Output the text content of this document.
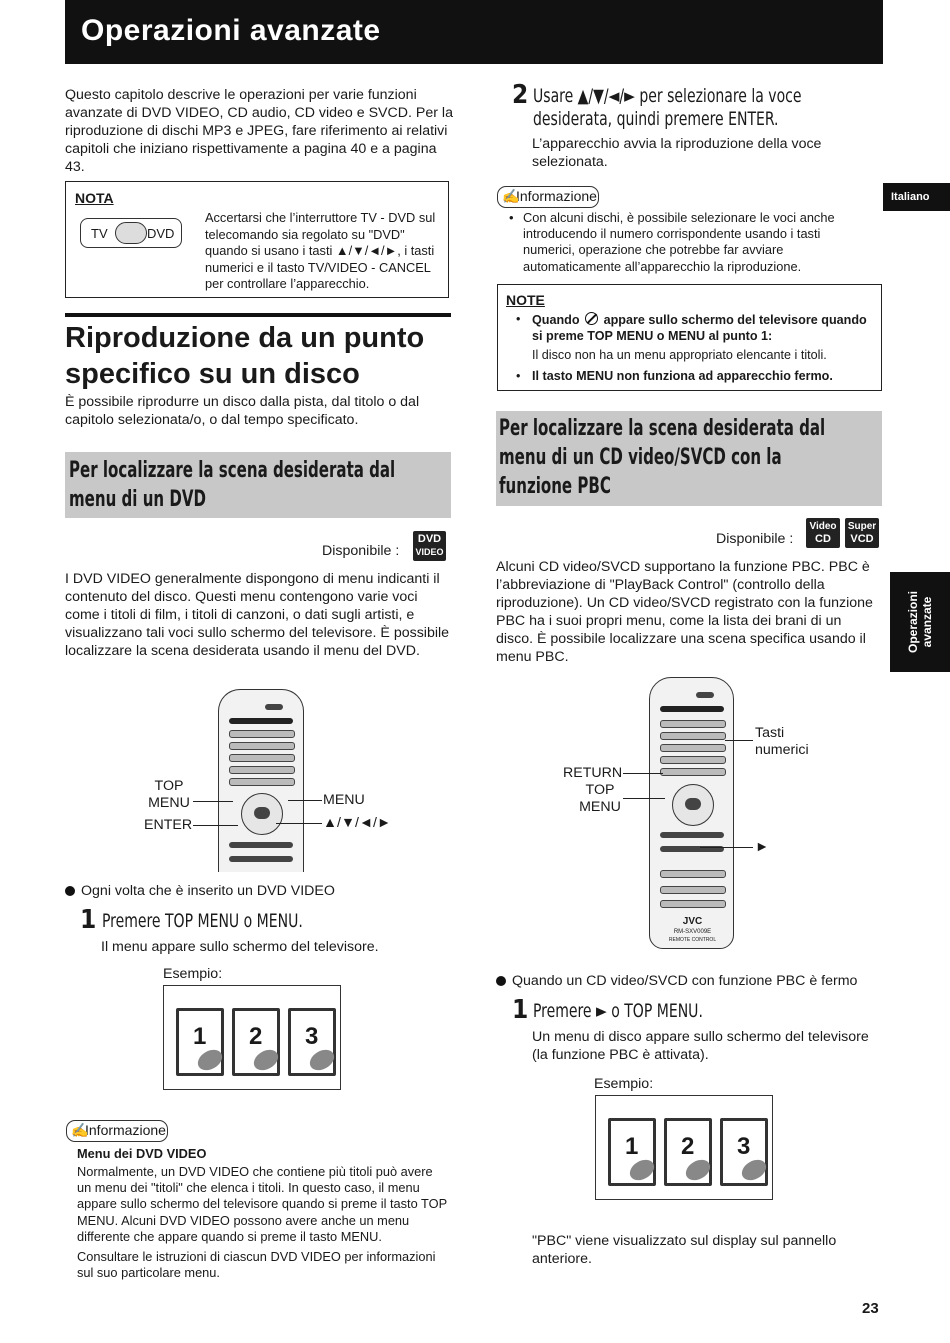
Operazioni avanzate
Italiano
Operazioni avanzate
Questo capitolo descrive le operazioni per varie funzioni avanzate di DVD VIDEO, CD audio, CD video e SVCD. Per la riproduzione di dischi MP3 e JPEG, fare riferimento ai relativi capitoli che iniziano rispettivamente a pagina 40 e a pagina 43.
NOTA
TV	DVD
Accertarsi che l’interruttore TV - DVD sul telecomando sia regolato su "DVD" quando si usano i tasti ▲/▼/◄/►, i tasti numerici e il tasto TV/VIDEO - CANCEL per controllare l’apparecchio.
Riproduzione da un punto
specifico su un disco
È possibile riprodurre un disco dalla pista, dal titolo o dal capitolo selezionata/o, o dal tempo specificato.
Per localizzare la scena desiderata dal
menu di un DVD
Disponibile :
DVD
VIDEO
I DVD VIDEO generalmente dispongono di menu indicanti il contenuto del disco. Questi menu contengono varie voci come i titoli di film, i titoli di canzoni, o dati sugli artisti, e visualizzano tali voci sullo schermo del televisore. È possibile localizzare la scena desiderata usando il menu del DVD.
TOP
MENU
ENTER
MENU
▲/▼/◄/►
Ogni volta che è inserito un DVD VIDEO
1 Premere TOP MENU o MENU.
Il menu appare sullo schermo del televisore.
Esempio:
1 2 3
✍
Informazione
Menu dei DVD VIDEO
Normalmente, un DVD VIDEO che contiene più titoli può avere un menu dei "titoli" che elenca i titoli. In questo caso, il menu appare sullo schermo del televisore quando si preme il tasto TOP MENU. Alcuni DVD VIDEO possono avere anche un menu differente che appare quando si preme il tasto MENU.
Consultare le istruzioni di ciascun DVD VIDEO per informazioni sul suo particolare menu.
2 Usare ▲/▼/◄/► per selezionare la voce
desiderata, quindi premere ENTER.
L’apparecchio avvia la riproduzione della voce selezionata.
✍
Informazione
• Con alcuni dischi, è possibile selezionare le voci anche introducendo il numero corrispondente usando i tasti numerici, operazione che potrebbe far avviare automaticamente all’apparecchio la riproduzione.
NOTE
• Quando appare sullo schermo del televisore quando si preme TOP MENU o MENU al punto 1:
Il disco non ha un menu appropriato elencante i titoli.
• Il tasto MENU non funziona ad apparecchio fermo.
Per localizzare la scena desiderata dal
menu di un CD video/SVCD con la
funzione PBC
Disponibile :
Video
CD
Super
VCD
Alcuni CD video/SVCD supportano la funzione PBC. PBC è l’abbreviazione di "PlayBack Control" (controllo della riproduzione). Un CD video/SVCD registrato con la funzione PBC ha i suoi propri menu, come la lista dei brani di un disco. È possibile localizzare una scena specifica usando il menu PBC.
JVC
RM-SXV009E
REMOTE CONTROL
Tasti
numerici
RETURN
TOP
MENU
►
Quando un CD video/SVCD con funzione PBC è fermo
1 Premere ► o TOP MENU.
Un menu di disco appare sullo schermo del televisore (la funzione PBC è attivata).
Esempio:
1 2 3
"PBC" viene visualizzato sul display sul pannello anteriore.
23
